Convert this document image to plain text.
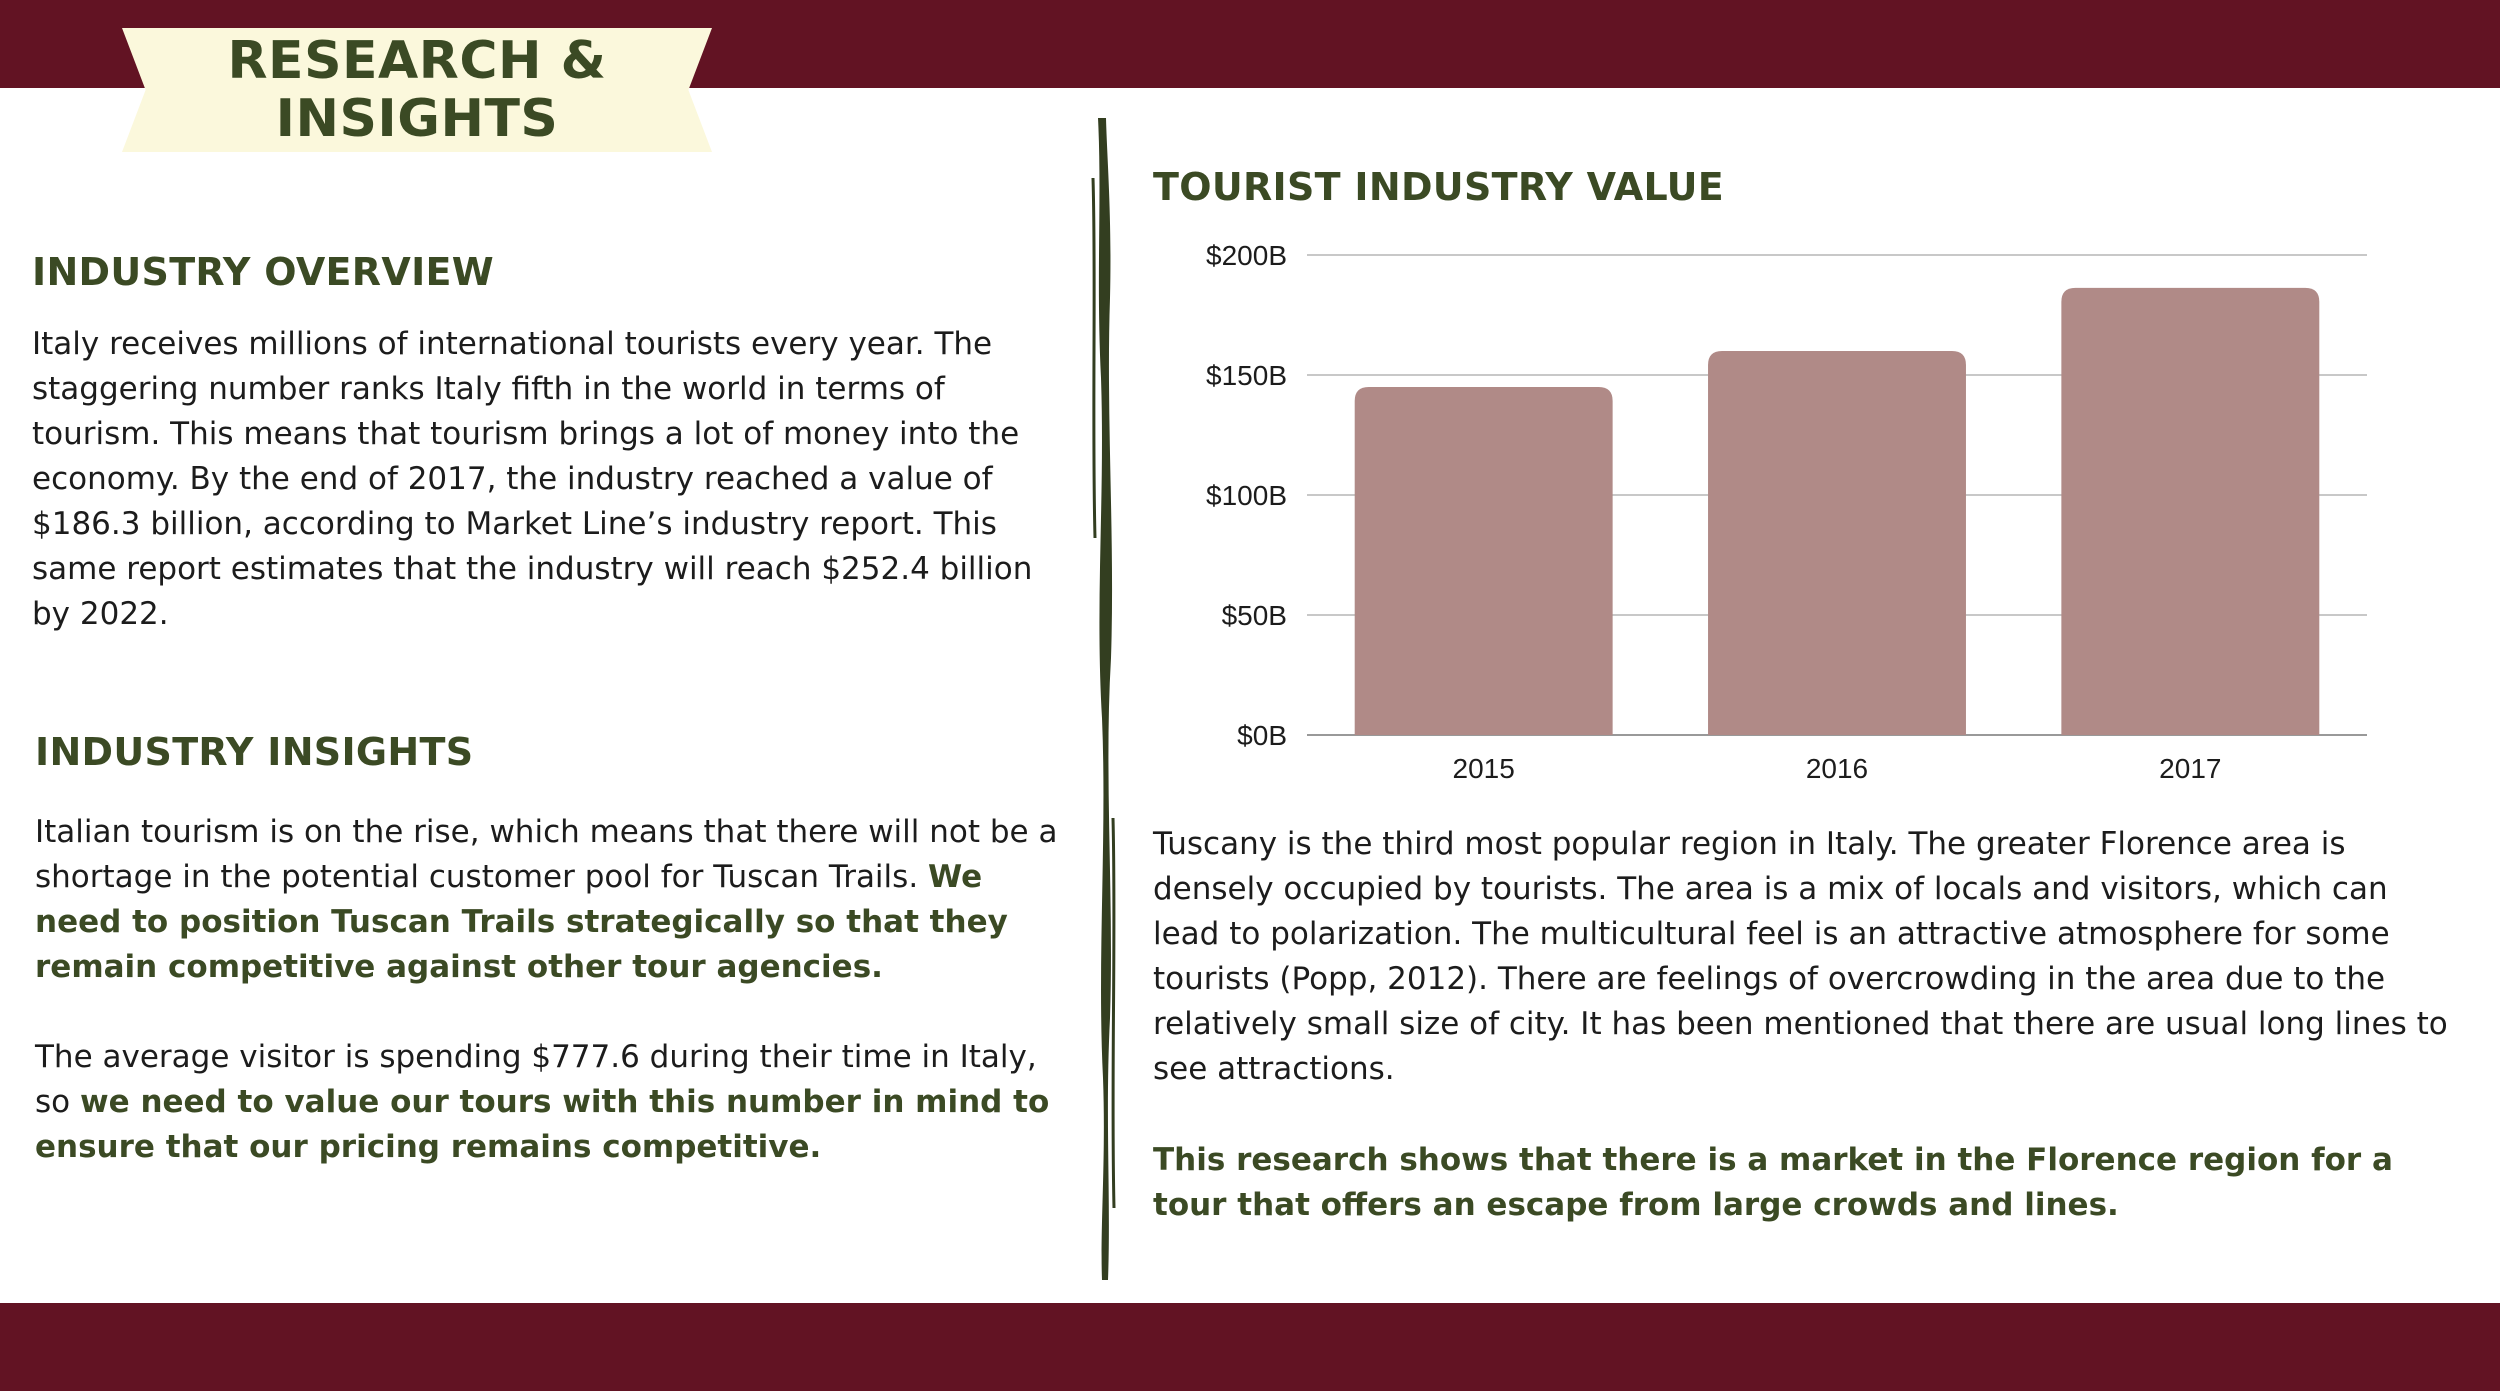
RESEARCH & INSIGHTS
INDUSTRY OVERVIEW

Italy receives millions of international tourists every year. The staggering number ranks Italy fifth in the world in terms of tourism. This means that tourism brings a lot of money into the economy. By the end of 2017, the industry reached a value of $186.3 billion, according to Market Line’s industry report. This same report estimates that the industry will reach $252.4 billion by 2022.

INDUSTRY INSIGHTS

Italian tourism is on the rise, which means that there will not be a shortage in the potential customer pool for Tuscan Trails. We need to position Tuscan Trails strategically so that they remain competitive against other tour agencies.

The average visitor is spending $777.6 during their time in Italy, so we need to value our tours with this number in mind to ensure that our pricing remains competitive.

TOURIST INDUSTRY VALUE
$0B
$50B
$100B
$150B
$200B
2015	2016	2017

Tuscany is the third most popular region in Italy. The greater Florence area is densely occupied by tourists. The area is a mix of locals and visitors, which can lead to polarization. The multicultural feel is an attractive atmosphere for some tourists (Popp, 2012). There are feelings of overcrowding in the area due to the relatively small size of city. It has been mentioned that there are usual long lines to see attractions.

This research shows that there is a market in the Florence region for a tour that offers an escape from large crowds and lines.
